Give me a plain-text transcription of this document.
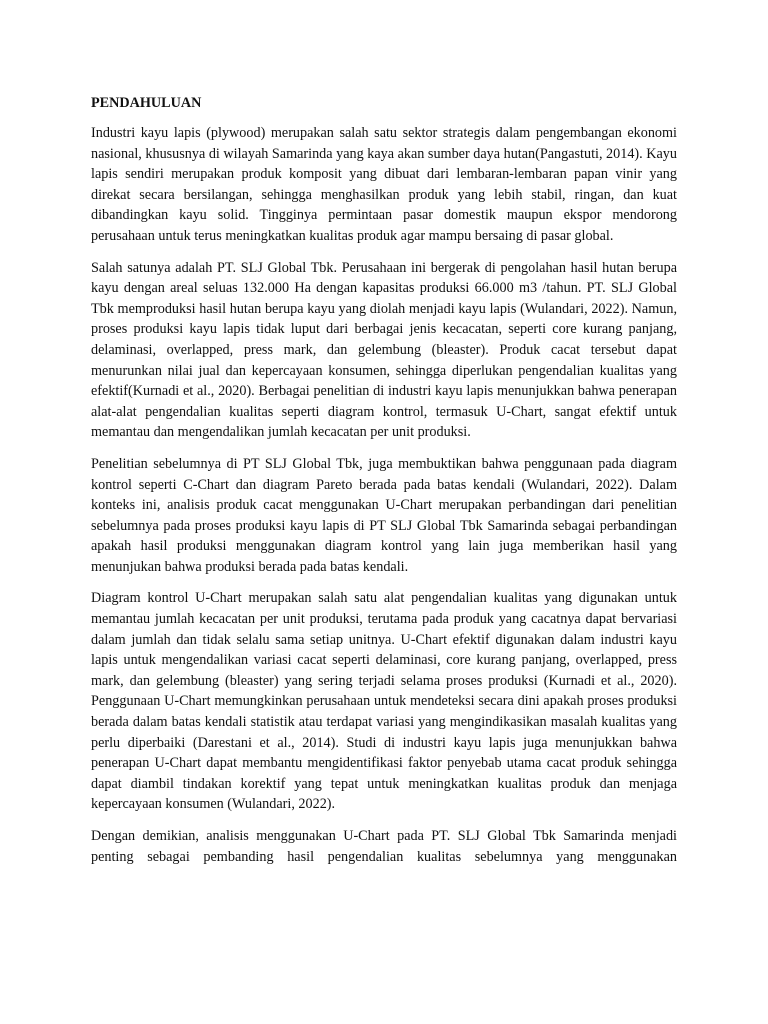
PENDAHULUAN

Industri kayu lapis (plywood) merupakan salah satu sektor strategis dalam pengembangan ekonomi nasional, khususnya di wilayah Samarinda yang kaya akan sumber daya hutan(Pangastuti, 2014). Kayu lapis sendiri merupakan produk komposit yang dibuat dari lembaran-lembaran papan vinir yang direkat secara bersilangan, sehingga menghasilkan produk yang lebih stabil, ringan, dan kuat dibandingkan kayu solid. Tingginya permintaan pasar domestik maupun ekspor mendorong perusahaan untuk terus meningkatkan kualitas produk agar mampu bersaing di pasar global.

Salah satunya adalah PT. SLJ Global Tbk. Perusahaan ini bergerak di pengolahan hasil hutan berupa kayu dengan areal seluas 132.000 Ha dengan kapasitas produksi 66.000 m3 /tahun. PT. SLJ Global Tbk memproduksi hasil hutan berupa kayu yang diolah menjadi kayu lapis (Wulandari, 2022). Namun, proses produksi kayu lapis tidak luput dari berbagai jenis kecacatan, seperti core kurang panjang, delaminasi, overlapped, press mark, dan gelembung (bleaster). Produk cacat tersebut dapat menurunkan nilai jual dan kepercayaan konsumen, sehingga diperlukan pengendalian kualitas yang efektif(Kurnadi et al., 2020). Berbagai penelitian di industri kayu lapis menunjukkan bahwa penerapan alat-alat pengendalian kualitas seperti diagram kontrol, termasuk U-Chart, sangat efektif untuk memantau dan mengendalikan jumlah kecacatan per unit produksi.

Penelitian sebelumnya di PT SLJ Global Tbk, juga membuktikan bahwa penggunaan pada diagram kontrol seperti C-Chart dan diagram Pareto berada pada batas kendali (Wulandari, 2022). Dalam konteks ini, analisis produk cacat menggunakan U-Chart merupakan perbandingan dari penelitian sebelumnya pada proses produksi kayu lapis di PT SLJ Global Tbk Samarinda sebagai perbandingan apakah hasil produksi menggunakan diagram kontrol yang lain juga memberikan hasil yang menunjukan bahwa produksi berada pada batas kendali.

Diagram kontrol U-Chart merupakan salah satu alat pengendalian kualitas yang digunakan untuk memantau jumlah kecacatan per unit produksi, terutama pada produk yang cacatnya dapat bervariasi dalam jumlah dan tidak selalu sama setiap unitnya. U-Chart efektif digunakan dalam industri kayu lapis untuk mengendalikan variasi cacat seperti delaminasi, core kurang panjang, overlapped, press mark, dan gelembung (bleaster) yang sering terjadi selama proses produksi (Kurnadi et al., 2020). Penggunaan U-Chart memungkinkan perusahaan untuk mendeteksi secara dini apakah proses produksi berada dalam batas kendali statistik atau terdapat variasi yang mengindikasikan masalah kualitas yang perlu diperbaiki (Darestani et al., 2014). Studi di industri kayu lapis juga menunjukkan bahwa penerapan U-Chart dapat membantu mengidentifikasi faktor penyebab utama cacat produk sehingga dapat diambil tindakan korektif yang tepat untuk meningkatkan kualitas produk dan menjaga kepercayaan konsumen (Wulandari, 2022).

Dengan demikian, analisis menggunakan U-Chart pada PT. SLJ Global Tbk Samarinda menjadi penting sebagai pembanding hasil pengendalian kualitas sebelumnya yang menggunakan
